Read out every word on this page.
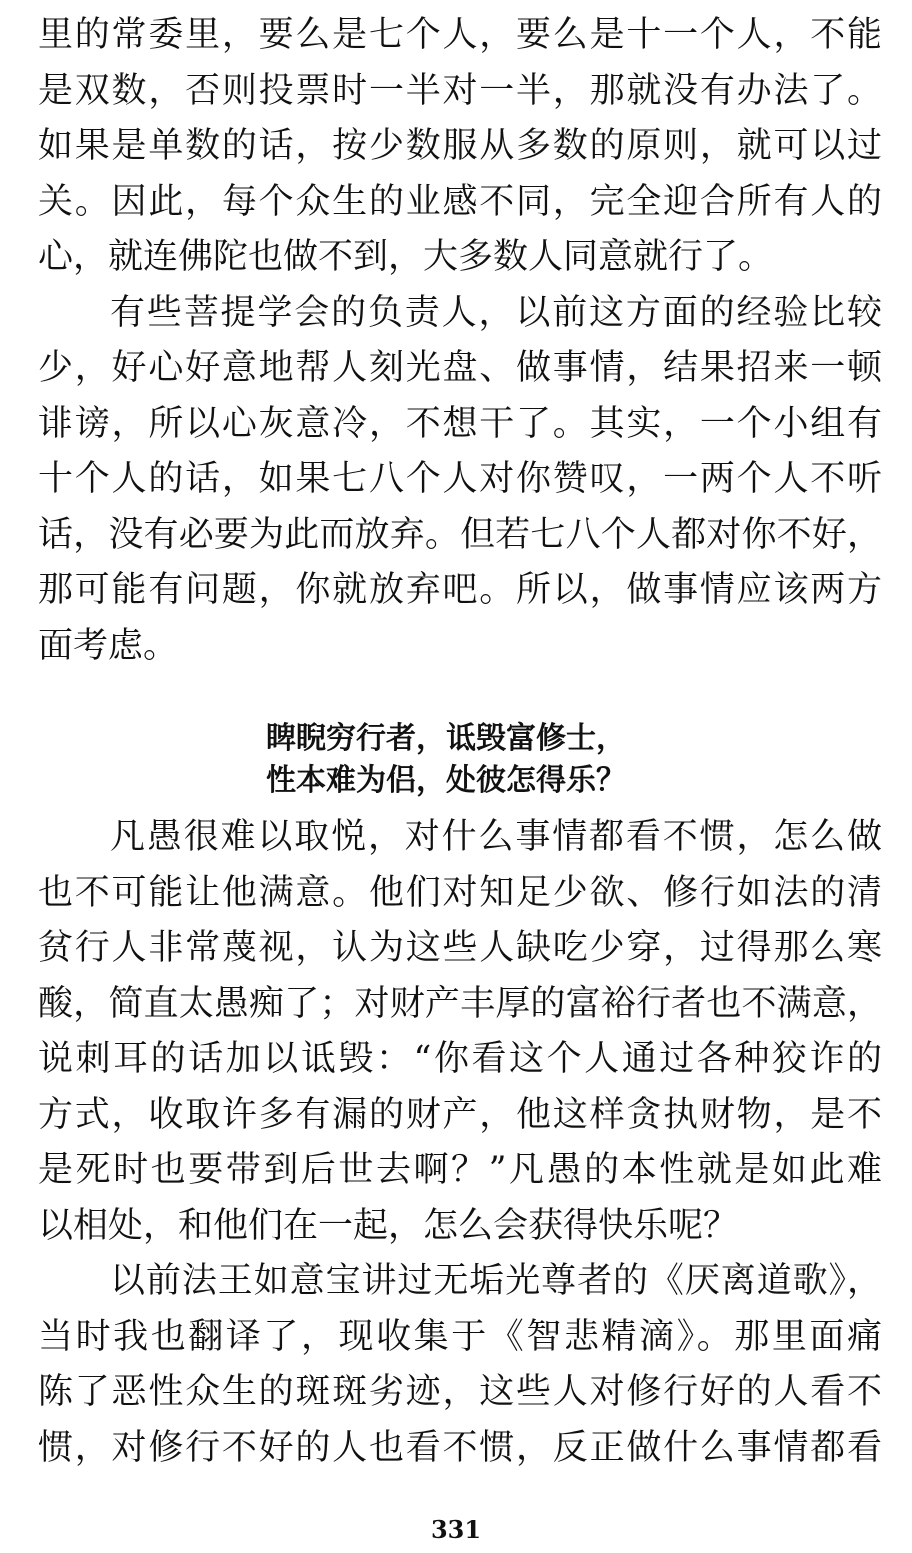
里的常委里，要么是七个人，要么是十一个人，不能
是双数，否则投票时一半对一半，那就没有办法了。
如果是单数的话，按少数服从多数的原则，就可以过
关。因此，每个众生的业感不同，完全迎合所有人的
心，就连佛陀也做不到，大多数人同意就行了。
有些菩提学会的负责人，以前这方面的经验比较
少，好心好意地帮人刻光盘、做事情，结果招来一顿
诽谤，所以心灰意冷，不想干了。其实，一个小组有
十个人的话，如果七八个人对你赞叹，一两个人不听
话，没有必要为此而放弃。但若七八个人都对你不好，
那可能有问题，你就放弃吧。所以，做事情应该两方
面考虑。
睥睨穷行者，诋毁富修士，
性本难为侣，处彼怎得乐？
凡愚很难以取悦，对什么事情都看不惯，怎么做
也不可能让他满意。他们对知足少欲、修行如法的清
贫行人非常蔑视，认为这些人缺吃少穿，过得那么寒
酸，简直太愚痴了；对财产丰厚的富裕行者也不满意，
说刺耳的话加以诋毁：“你看这个人通过各种狡诈的
方式，收取许多有漏的财产，他这样贪执财物，是不
是死时也要带到后世去啊？”凡愚的本性就是如此难
以相处，和他们在一起，怎么会获得快乐呢？
以前法王如意宝讲过无垢光尊者的《厌离道歌》，
当时我也翻译了，现收集于《智悲精滴》。那里面痛
陈了恶性众生的斑斑劣迹，这些人对修行好的人看不
惯，对修行不好的人也看不惯，反正做什么事情都看
331
